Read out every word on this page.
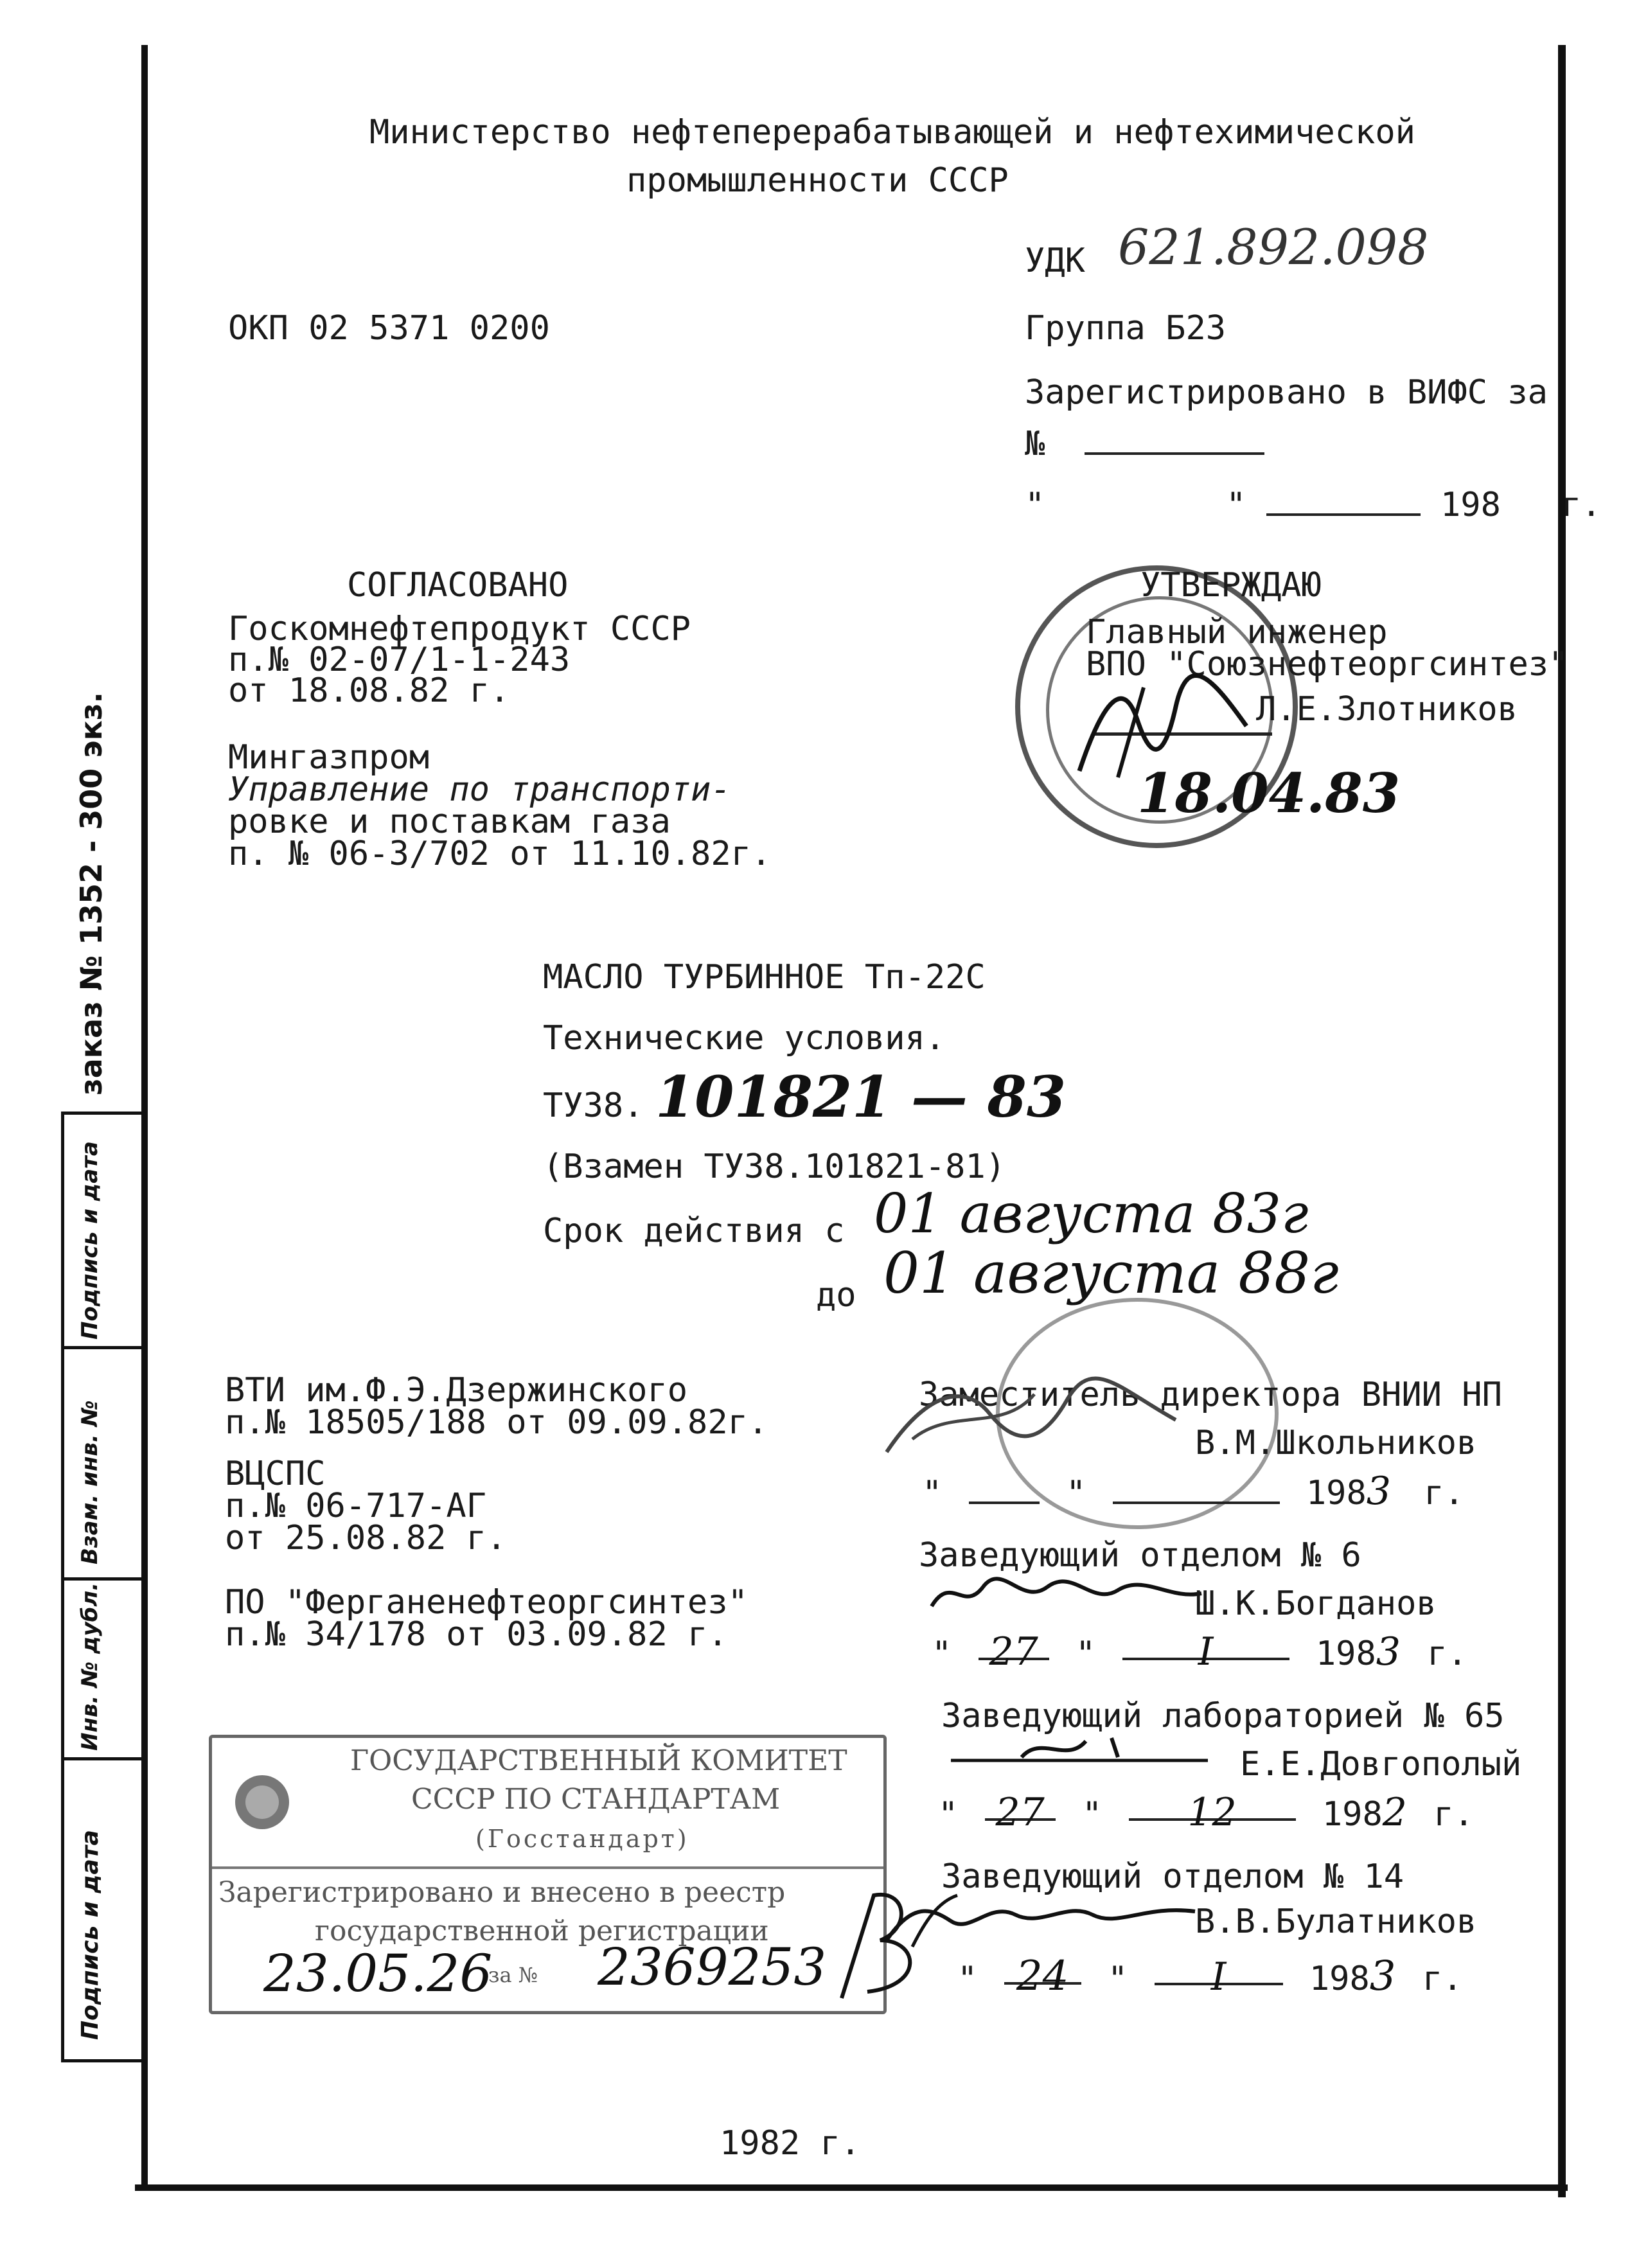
Подпись и дата
Инв. № дубл.
Взам. инв. №
Подпись и дата
заказ № 1352 - 300 экз.
Министерство нефтеперерабатывающей и нефтехимической
промышленности СССР
УДК 621.892.098
ОКП 02 5371 0200	Группа Б23
Зарегистрировано в ВИФС за
№
"         "	198   г.
СОГЛАСОВАНО
Госкомнефтепродукт СССР
п.№ 02-07/1-1-243
от 18.08.82 г.
Мингазпром
Управление по транспорти-
ровке и поставкам газа
п. № 06-3/702 от 11.10.82г.
УТВЕРЖДАЮ
Главный инженер
ВПО "Союзнефтеоргсинтез"
Л.Е.Злотников
18.04.83
МАСЛО ТУРБИННОЕ Тп-22С
Технические условия.
ТУ38. 101821 — 83
(Взамен ТУ38.101821-81)
Срок действия с 01 августа 83г
до 01 августа 88г
ВТИ им.Ф.Э.Дзержинского
п.№ 18505/188 от 09.09.82г.
ВЦСПС
п.№ 06-717-АГ
от 25.08.82 г.
ПО "Ферганенефтеоргсинтез"
п.№ 34/178 от 03.09.82 г.
Заместитель директора ВНИИ НП
В.М.Школьников
"	"	1983 г.
Заведующий отделом № 6
Ш.К.Богданов
" 27 "	I	1983 г.
Заведующий лабораторией № 65
Е.Е.Довгополый
" 27 " 12	1982 г.
Заведующий отделом № 14
В.В.Булатников
" 24 " I 1983 г.
ГОСУДАРСТВЕННЫЙ КОМИТЕТ
СССР ПО СТАНДАРТАМ
(Госстандарт)
Зарегистрировано и внесено в реестр
государственной регистрации
23.05.26
за № 2369253
1982 г.
